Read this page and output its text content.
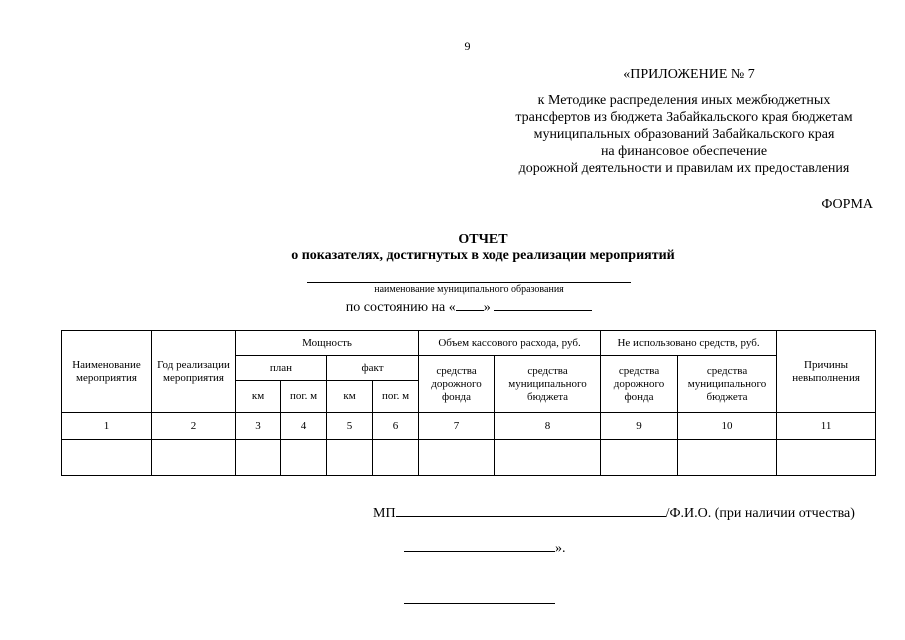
9
«ПРИЛОЖЕНИЕ № 7
к Методике распределения иных межбюджетных
трансфертов из бюджета Забайкальского края бюджетам
муниципальных образований Забайкальского края
на финансовое обеспечение
дорожной деятельности и правилам их предоставления
ФОРМА
ОТЧЕТ
о показателях, достигнутых в ходе реализации мероприятий
наименование муниципального образования
по состоянию на « »
Наименование мероприятия	Год реализации мероприятия	Мощность				Объем кассового расхода, руб.		Не использовано средств, руб.		Причины невыполнения
		план		факт		средства дорожного фонда	средства муниципального бюджета	средства дорожного фонда	средства муниципального бюджета	
		км	пог. м	км	пог. м					
1	2	3	4	5	6	7	8	9	10	11

МП	/Ф.И.О. (при наличии отчества)
».
